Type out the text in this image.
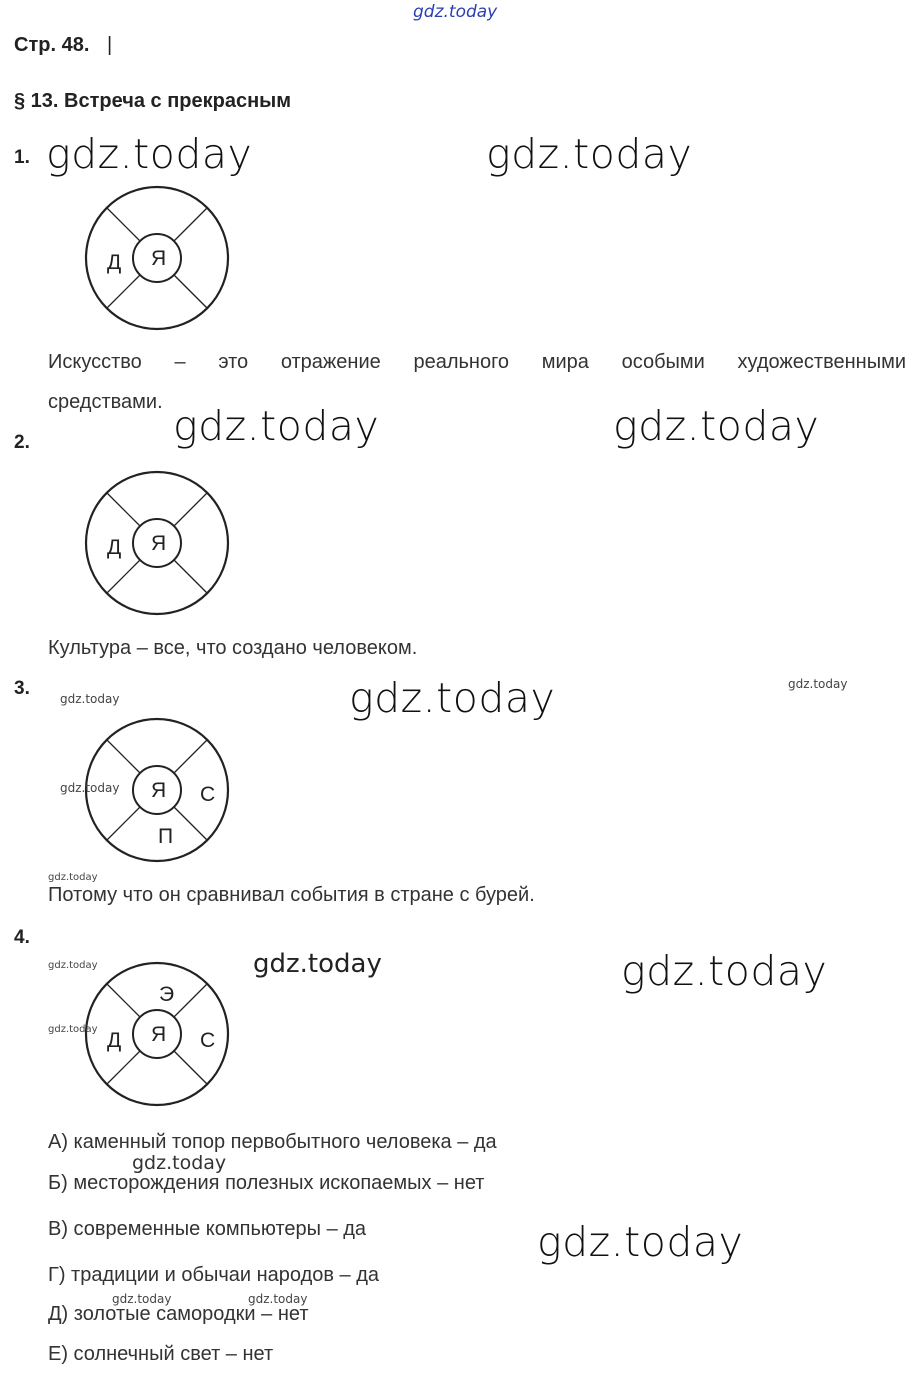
gdz.today
Стр. 48. |
§ 13. Встреча с прекрасным
1. gdz.today	gdz.today
Я
Д
Искусство – это отражение реального мира особыми художественными
средствами.
2.	gdz.today	gdz.today
Я
Д
Культура – все, что создано человеком.
3.	gdz.today	gdz.today	gdz.today
Я С
П
gdz.today
gdz.today
Потому что он сравнивал события в стране с бурей.
4.
gdz.today	gdz.today	gdz.today
Я
Э
Д	С
gdz.today
А) каменный топор первобытного человека – да
gdz.today
Б) месторождения полезных ископаемых – нет
В) современные компьютеры – да	gdz.today
Г) традиции и обычаи народов – да
gdz.today	gdz.today
Д) золотые самородки – нет
Е) солнечный свет – нет
